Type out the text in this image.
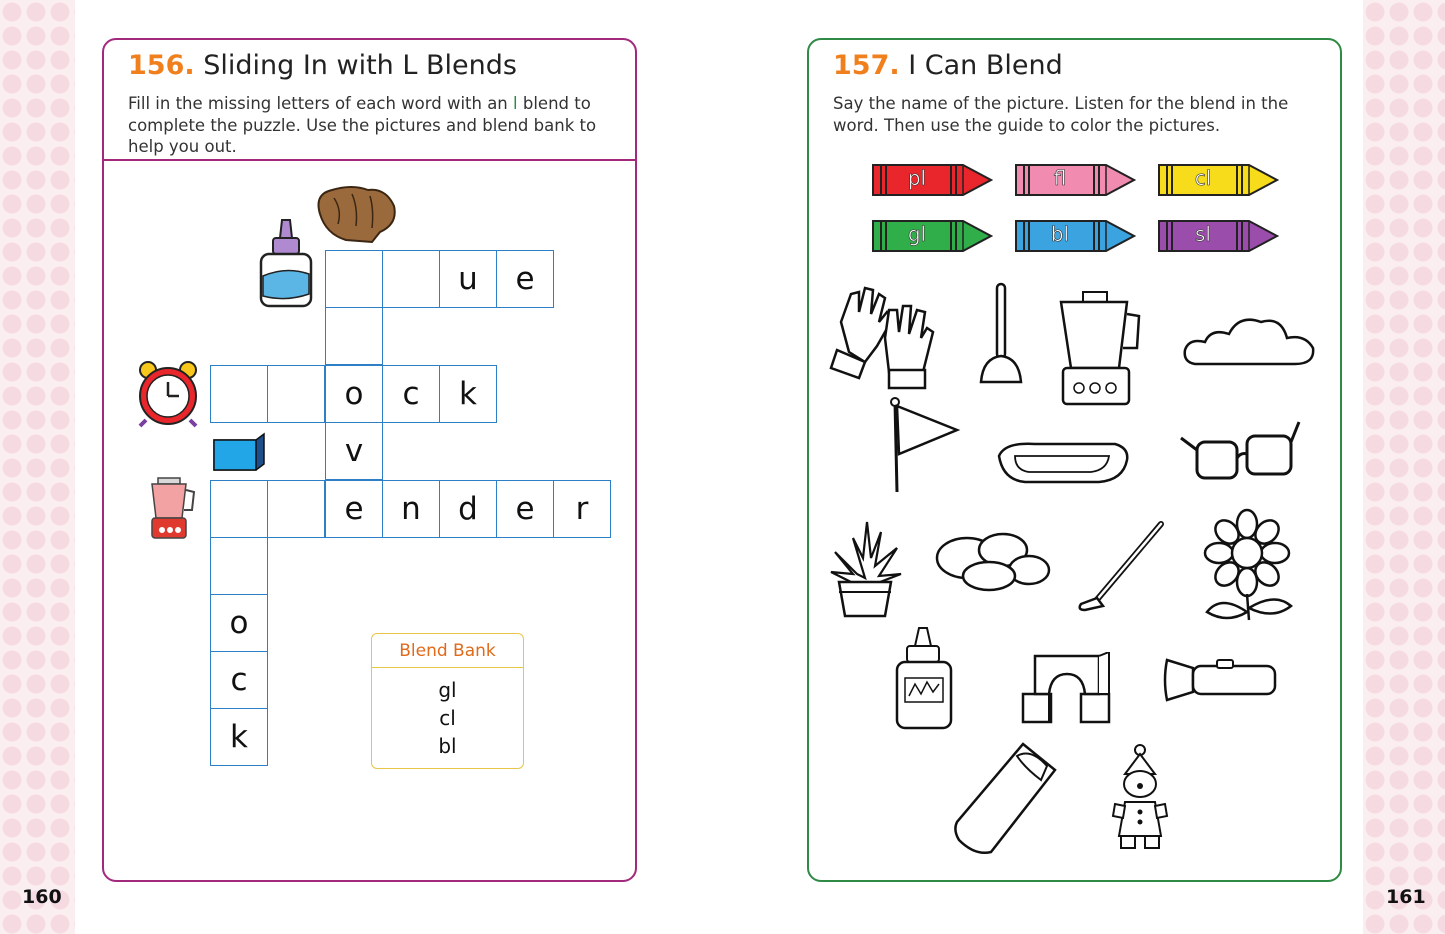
160	161
156. Sliding In with L Blends
Fill in the missing letters of each word with an l blend to complete the puzzle. Use the pictures and blend bank to help you out.
u	e
o	c	k
v
e	n	d	e	r
o
c
k
Blend Bank
gl
cl
bl
157. I Can Blend
Say the name of the picture. Listen for the blend in the word. Then use the guide to color the pictures.
pl	fl	cl
gl	bl	sl
